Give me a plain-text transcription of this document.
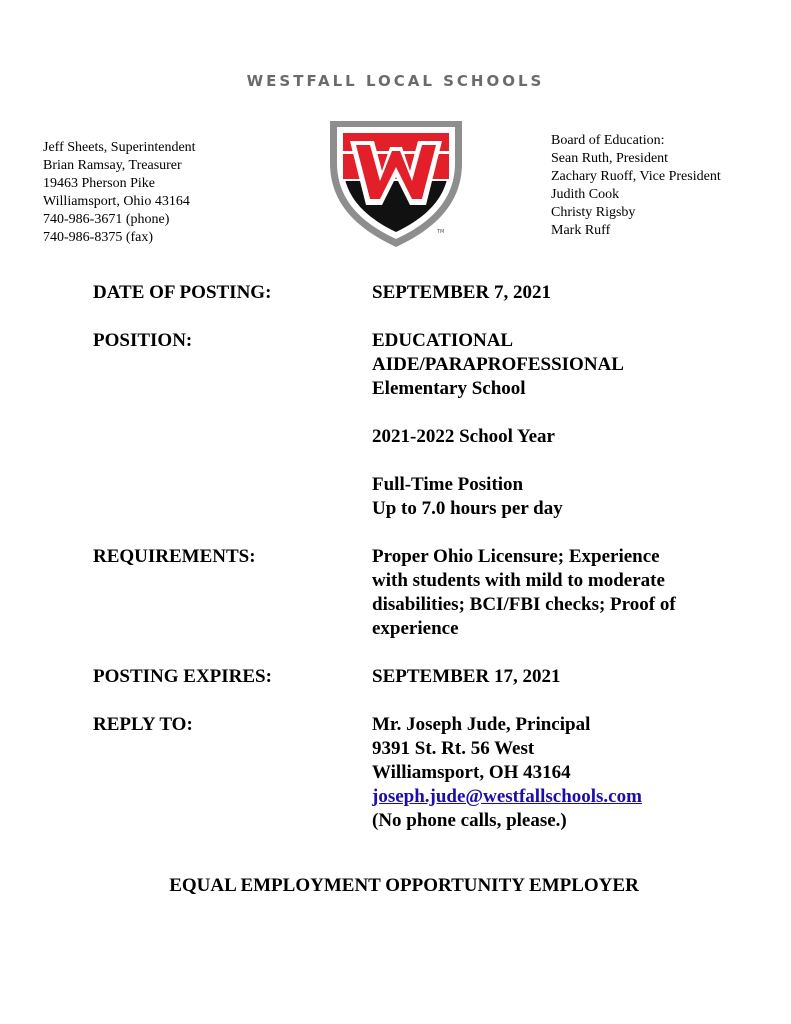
WESTFALL LOCAL SCHOOLS
Jeff Sheets, Superintendent
Brian Ramsay, Treasurer
19463 Pherson Pike
Williamsport, Ohio 43164
740-986-3671 (phone)
740-986-8375 (fax)	TM
Board of Education:
Sean Ruth, President
Zachary Ruoff, Vice President
Judith Cook
Christy Rigsby
Mark Ruff
DATE OF POSTING:	SEPTEMBER 7, 2021
POSITION:	EDUCATIONAL
AIDE/PARAPROFESSIONAL
Elementary School
2021-2022 School Year
Full-Time Position
Up to 7.0 hours per day
REQUIREMENTS:	Proper Ohio Licensure; Experience
with students with mild to moderate
disabilities; BCI/FBI checks; Proof of
experience
POSTING EXPIRES:	SEPTEMBER 17, 2021
REPLY TO:	Mr. Joseph Jude, Principal
9391 St. Rt. 56 West
Williamsport, OH 43164
joseph.jude@westfallschools.com
(No phone calls, please.)
EQUAL EMPLOYMENT OPPORTUNITY EMPLOYER
